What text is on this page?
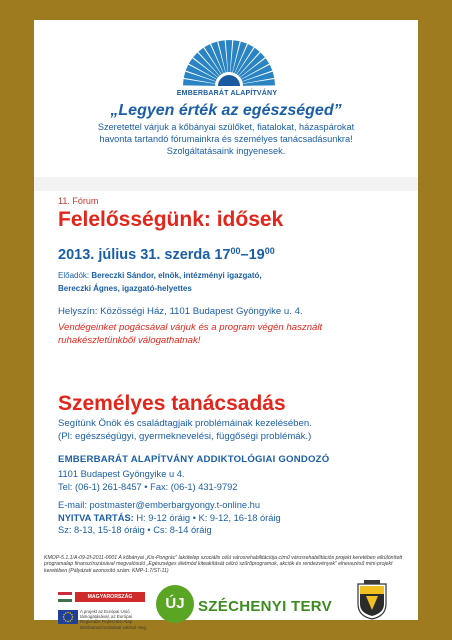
EMBERBARÁT ALAPÍTVÁNY
„Legyen érték az egészséged”
Szeretettel várjuk a kőbányai szülőket, fiatalokat, házaspárokat
havonta tartandó fórumainkra és személyes tanácsadásunkra!
Szolgáltatásaink ingyenesek.
11. Fórum
Felelősségünk: idősek
2013. július 31. szerda $17^{00}-19^{00}$
Előadók: Bereczki Sándor, elnök, intézményi igazgató,
Bereczki Ágnes, igazgató-helyettes
Helyszín: Közösségi Ház, 1101 Budapest Gyöngyike u. 4.
Vendégeinket pogácsával várjuk és a program végén használt
ruhakészletünkből válogathatnak!
Személyes tanácsadás
Segítünk Önök és családtagjaik problémáinak kezelésében.
(Pl: egészségügyi, gyermeknevelési, függőségi problémák.)
EMBERBARÁT ALAPÍTVÁNY ADDIKTOLÓGIAI GONDOZÓ
1101 Budapest Gyöngyike u 4.
Tel: (06-1) 261-8457 • Fax: (06-1) 431-9792
E-mail: postmaster@emberbargyongy.t-online.hu
NYITVA TARTÁS: H: 9-12 óráig • K: 9-12, 16-18 óráig
Sz: 8-13, 15-18 óráig • Cs: 8-14 óráig
KMOP-5.1.1/A-09-2f-2011-0001 A kőbányai „Kis-Pongrác” lakótelep szociális célú városrehabilitációja című városrehabilitációs projekt keretében elkülönített programalap finanszírozásával megvalósuló „Egészséges életmód kiteakítását célzó szűrőprogramok, akciók és rendezvények” elnevezésű mini-projekt keretében (Pályázati azonosító szám: KMP-1.7/ST-11)
MAGYARORSZÁG MEGÚJUL
A projekt az Európai Unió támogatásával, az Európai Regionális Fejlesztési Alap társfinanszírozásával valósul meg.
ÚJ SZÉCHENYI TERV
